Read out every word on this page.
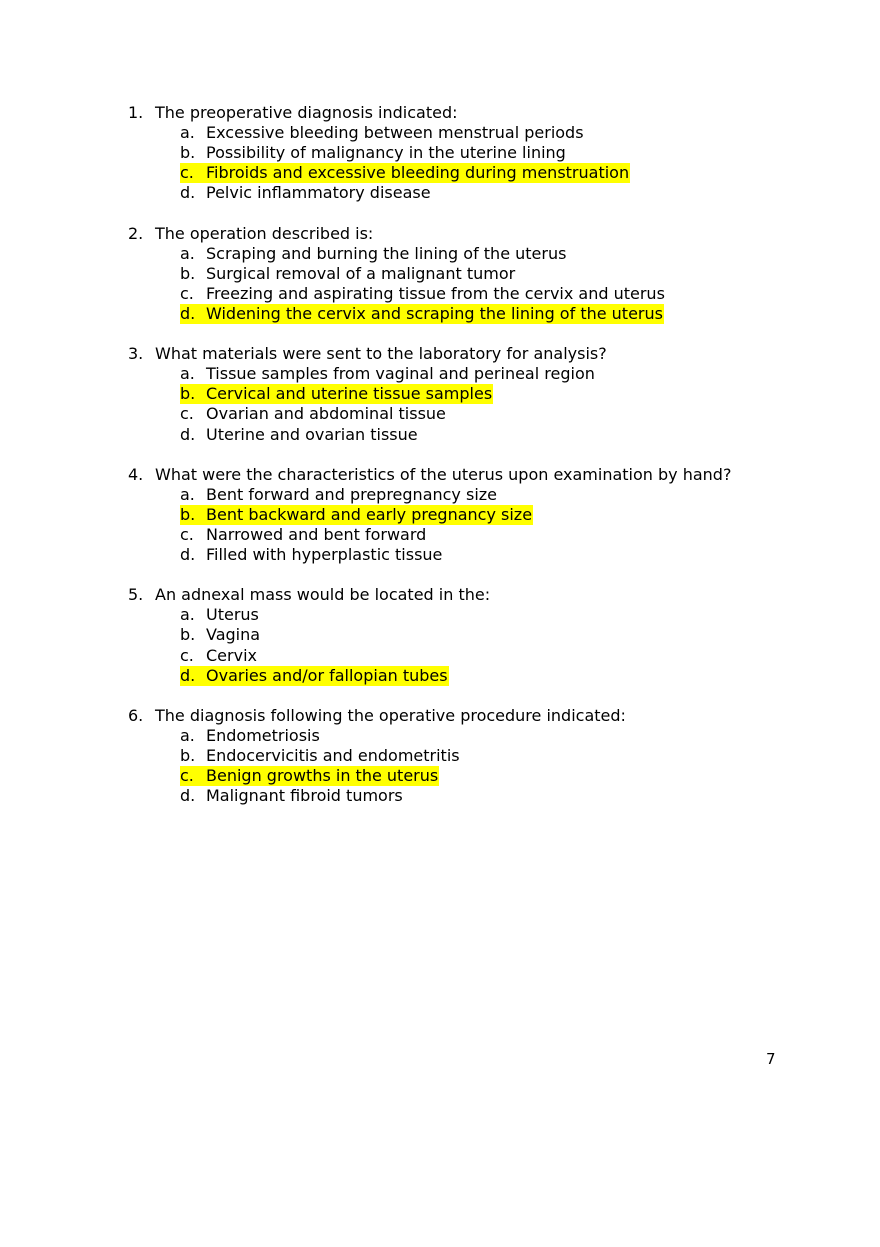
1. The preoperative diagnosis indicated:
a. Excessive bleeding between menstrual periods
b. Possibility of malignancy in the uterine lining
c. Fibroids and excessive bleeding during menstruation
d. Pelvic inflammatory disease
2. The operation described is:
a. Scraping and burning the lining of the uterus
b. Surgical removal of a malignant tumor
c. Freezing and aspirating tissue from the cervix and uterus
d. Widening the cervix and scraping the lining of the uterus
3. What materials were sent to the laboratory for analysis?
a. Tissue samples from vaginal and perineal region
b. Cervical and uterine tissue samples
c. Ovarian and abdominal tissue
d. Uterine and ovarian tissue
4. What were the characteristics of the uterus upon examination by hand?
a. Bent forward and prepregnancy size
b. Bent backward and early pregnancy size
c. Narrowed and bent forward
d. Filled with hyperplastic tissue
5. An adnexal mass would be located in the:
a. Uterus
b. Vagina
c. Cervix
d. Ovaries and/or fallopian tubes
6. The diagnosis following the operative procedure indicated:
a. Endometriosis
b. Endocervicitis and endometritis
c. Benign growths in the uterus
d. Malignant fibroid tumors
7
